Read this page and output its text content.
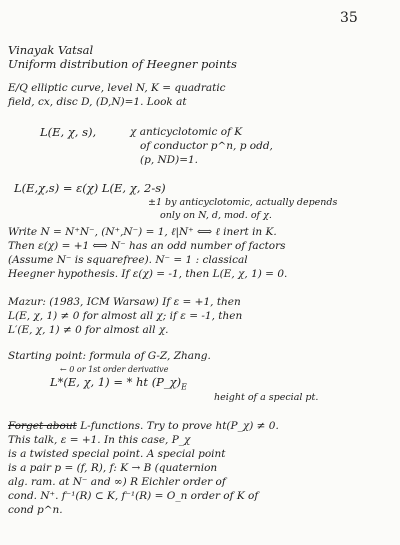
35
Vinayak Vatsal
Uniform distribution of Heegner points
E/Q elliptic curve, level N, K = quadratic
field, cx, disc D, (D,N)=1. Look at
L(E, χ, s),	χ anticyclotomic of K
of conductor p^n, p odd,
(p, ND)=1.
L(E,χ,s) = ε(χ) L(E, χ, 2-s)
±1 by anticyclotomic, actually depends
only on N, d, mod. of χ.
Write N = N⁺N⁻, (N⁺,N⁻) = 1, ℓ|N⁺ ⟺ ℓ inert in K.
Then ε(χ) = +1 ⟺ N⁻ has an odd number of factors
(Assume N⁻ is squarefree). N⁻ = 1 : classical
Heegner hypothesis. If ε(χ) = -1, then L(E, χ, 1) = 0.
Mazur: (1983, ICM Warsaw) If ε = +1, then
L(E, χ, 1) ≠ 0 for almost all χ; if ε = -1, then
L′(E, χ, 1) ≠ 0 for almost all χ.
Starting point: formula of G-Z, Zhang.
← 0 or 1st order derivative
L*(E, χ, 1) = * ht $(P\_\chi)_E$
height of a special pt.
Forget about L-functions. Try to prove ht(P_χ) ≠ 0.
This talk, ε = +1. In this case, P_χ
is a twisted special point. A special point
is a pair p = (f, R), f: K → B (quaternion
alg. ram. at N⁻ and ∞) R Eichler order of
cond. N⁺. f⁻¹(R) ⊂ K, f⁻¹(R) = O_n order of K of
cond p^n.
